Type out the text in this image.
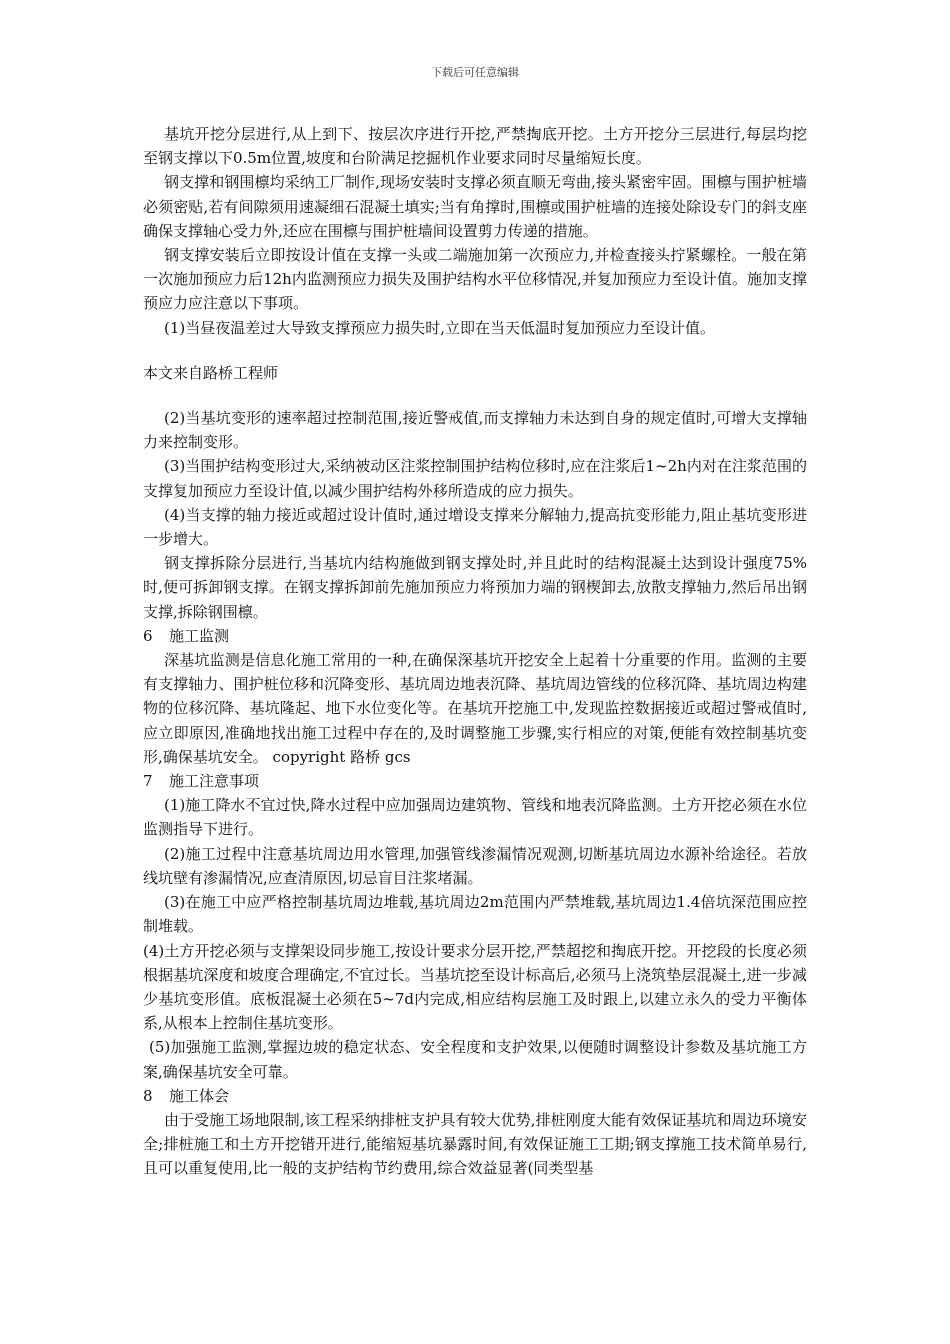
下载后可任意编辑

基坑开挖分层进行,从上到下、按层次序进行开挖,严禁掏底开挖。土方开挖分三层进行,每层均挖至钢支撑以下0.5m位置,坡度和台阶满足挖掘机作业要求同时尽量缩短长度。

钢支撑和钢围檩均采纳工厂制作,现场安装时支撑必须直顺无弯曲,接头紧密牢固。围檩与围护桩墙必须密贴,若有间隙须用速凝细石混凝土填实;当有角撑时,围檩或围护桩墙的连接处除设专门的斜支座确保支撑轴心受力外,还应在围檩与围护桩墙间设置剪力传递的措施。

钢支撑安装后立即按设计值在支撑一头或二端施加第一次预应力,并检查接头拧紧螺栓。一般在第一次施加预应力后12h内监测预应力损失及围护结构水平位移情况,并复加预应力至设计值。施加支撑预应力应注意以下事项。

(1)当昼夜温差过大导致支撑预应力损失时,立即在当天低温时复加预应力至设计值。

本文来自路桥工程师

(2)当基坑变形的速率超过控制范围,接近警戒值,而支撑轴力未达到自身的规定值时,可增大支撑轴力来控制变形。

(3)当围护结构变形过大,采纳被动区注浆控制围护结构位移时,应在注浆后1~2h内对在注浆范围的支撑复加预应力至设计值,以减少围护结构外移所造成的应力损失。

(4)当支撑的轴力接近或超过设计值时,通过增设支撑来分解轴力,提高抗变形能力,阻止基坑变形进一步增大。

钢支撑拆除分层进行,当基坑内结构施做到钢支撑处时,并且此时的结构混凝土达到设计强度75%时,便可拆卸钢支撑。在钢支撑拆卸前先施加预应力将预加力端的钢楔卸去,放散支撑轴力,然后吊出钢支撑,拆除钢围檩。

6 施工监测

深基坑监测是信息化施工常用的一种,在确保深基坑开挖安全上起着十分重要的作用。监测的主要有支撑轴力、围护桩位移和沉降变形、基坑周边地表沉降、基坑周边管线的位移沉降、基坑周边构建物的位移沉降、基坑隆起、地下水位变化等。在基坑开挖施工中,发现监控数据接近或超过警戒值时,应立即原因,准确地找出施工过程中存在的,及时调整施工步骤,实行相应的对策,便能有效控制基坑变形,确保基坑安全。 copyright 路桥 gcs

7 施工注意事项

(1)施工降水不宜过快,降水过程中应加强周边建筑物、管线和地表沉降监测。土方开挖必须在水位监测指导下进行。

(2)施工过程中注意基坑周边用水管理,加强管线渗漏情况观测,切断基坑周边水源补给途径。若放线坑壁有渗漏情况,应查清原因,切忌盲目注浆堵漏。

(3)在施工中应严格控制基坑周边堆载,基坑周边2m范围内严禁堆载,基坑周边1.4倍坑深范围应控制堆载。

(4)土方开挖必须与支撑架设同步施工,按设计要求分层开挖,严禁超挖和掏底开挖。开挖段的长度必须根据基坑深度和坡度合理确定,不宜过长。当基坑挖至设计标高后,必须马上浇筑垫层混凝土,进一步减少基坑变形值。底板混凝土必须在5~7d内完成,相应结构层施工及时跟上,以建立永久的受力平衡体系,从根本上控制住基坑变形。

(5)加强施工监测,掌握边坡的稳定状态、安全程度和支护效果,以便随时调整设计参数及基坑施工方案,确保基坑安全可靠。

8 施工体会

由于受施工场地限制,该工程采纳排桩支护具有较大优势,排桩刚度大能有效保证基坑和周边环境安全;排桩施工和土方开挖错开进行,能缩短基坑暴露时间,有效保证施工工期;钢支撑施工技术简单易行,且可以重复使用,比一般的支护结构节约费用,综合效益显著(同类型基
